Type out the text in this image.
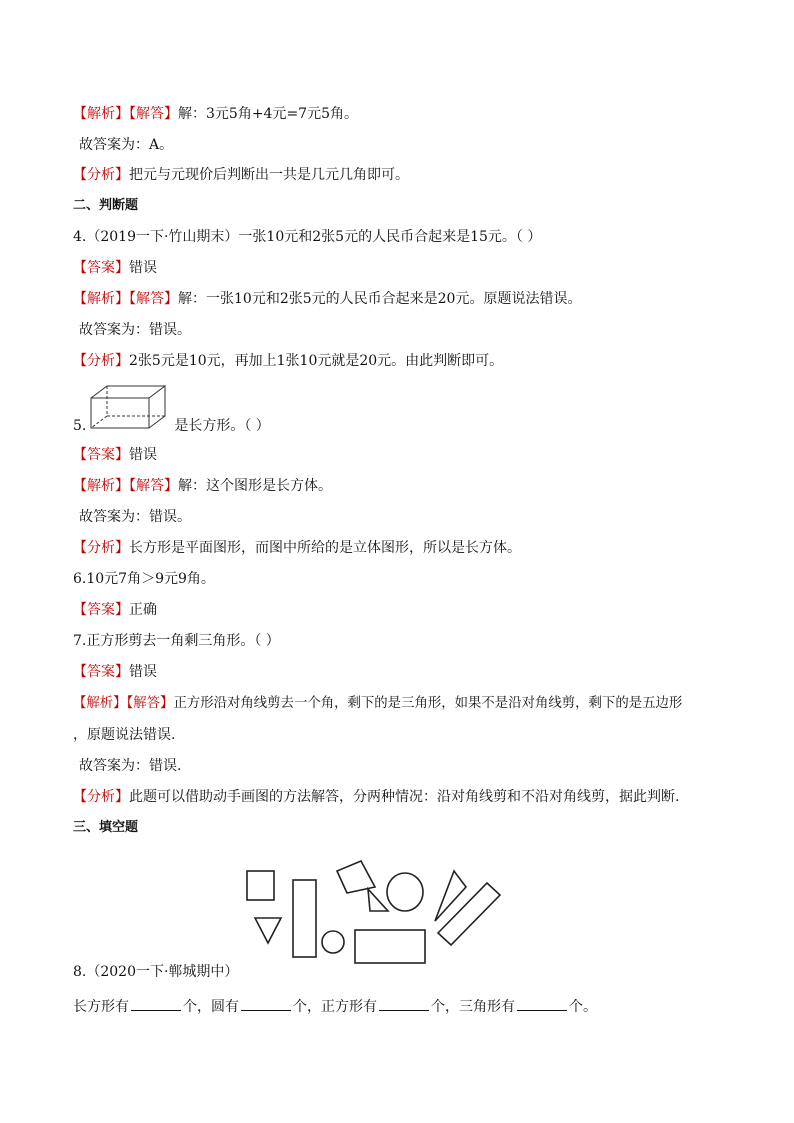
【解析】【解答】解：3元5角+4元=7元5角。
故答案为：A。
【分析】把元与元现价后判断出一共是几元几角即可。
二、判断题
4.（2019一下·竹山期末）一张10元和2张5元的人民币合起来是15元。（ ）
【答案】错误
【解析】【解答】解：一张10元和2张5元的人民币合起来是20元。原题说法错误。
故答案为：错误。
【分析】2张5元是10元，再加上1张10元就是20元。由此判断即可。
5.	是长方形。（ ）
【答案】错误
【解析】【解答】解：这个图形是长方体。
故答案为：错误。
【分析】长方形是平面图形，而图中所给的是立体图形，所以是长方体。
6.10元7角＞9元9角。
【答案】正确
7.正方形剪去一角剩三角形。（ ）
【答案】错误
【解析】【解答】正方形沿对角线剪去一个角，剩下的是三角形，如果不是沿对角线剪，剩下的是五边形
，原题说法错误.
故答案为：错误.
【分析】此题可以借助动手画图的方法解答，分两种情况：沿对角线剪和不沿对角线剪，据此判断.
三、填空题
8.（2020一下·郸城期中）
长方形有	个，圆有	个，正方形有	个，三角形有	个。
